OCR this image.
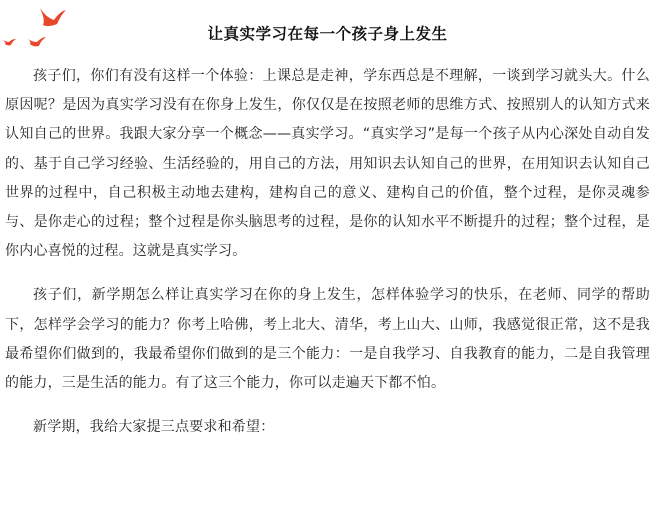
让真实学习在每一个孩子身上发生

孩子们，你们有没有这样一个体验：上课总是走神，学东西总是不理解，一谈到学习就头大。什么原因呢？是因为真实学习没有在你身上发生，你仅仅是在按照老师的思维方式、按照别人的认知方式来认知自己的世界。我跟大家分享一个概念——真实学习。“真实学习”是每一个孩子从内心深处自动自发的、基于自己学习经验、生活经验的，用自己的方法，用知识去认知自己的世界，在用知识去认知自己世界的过程中，自己积极主动地去建构，建构自己的意义、建构自己的价值，整个过程，是你灵魂参与、是你走心的过程；整个过程是你头脑思考的过程，是你的认知水平不断提升的过程；整个过程，是你内心喜悦的过程。这就是真实学习。

孩子们，新学期怎么样让真实学习在你的身上发生，怎样体验学习的快乐，在老师、同学的帮助下，怎样学会学习的能力？你考上哈佛，考上北大、清华，考上山大、山师，我感觉很正常，这不是我最希望你们做到的，我最希望你们做到的是三个能力：一是自我学习、自我教育的能力，二是自我管理的能力，三是生活的能力。有了这三个能力，你可以走遍天下都不怕。

新学期，我给大家提三点要求和希望：
